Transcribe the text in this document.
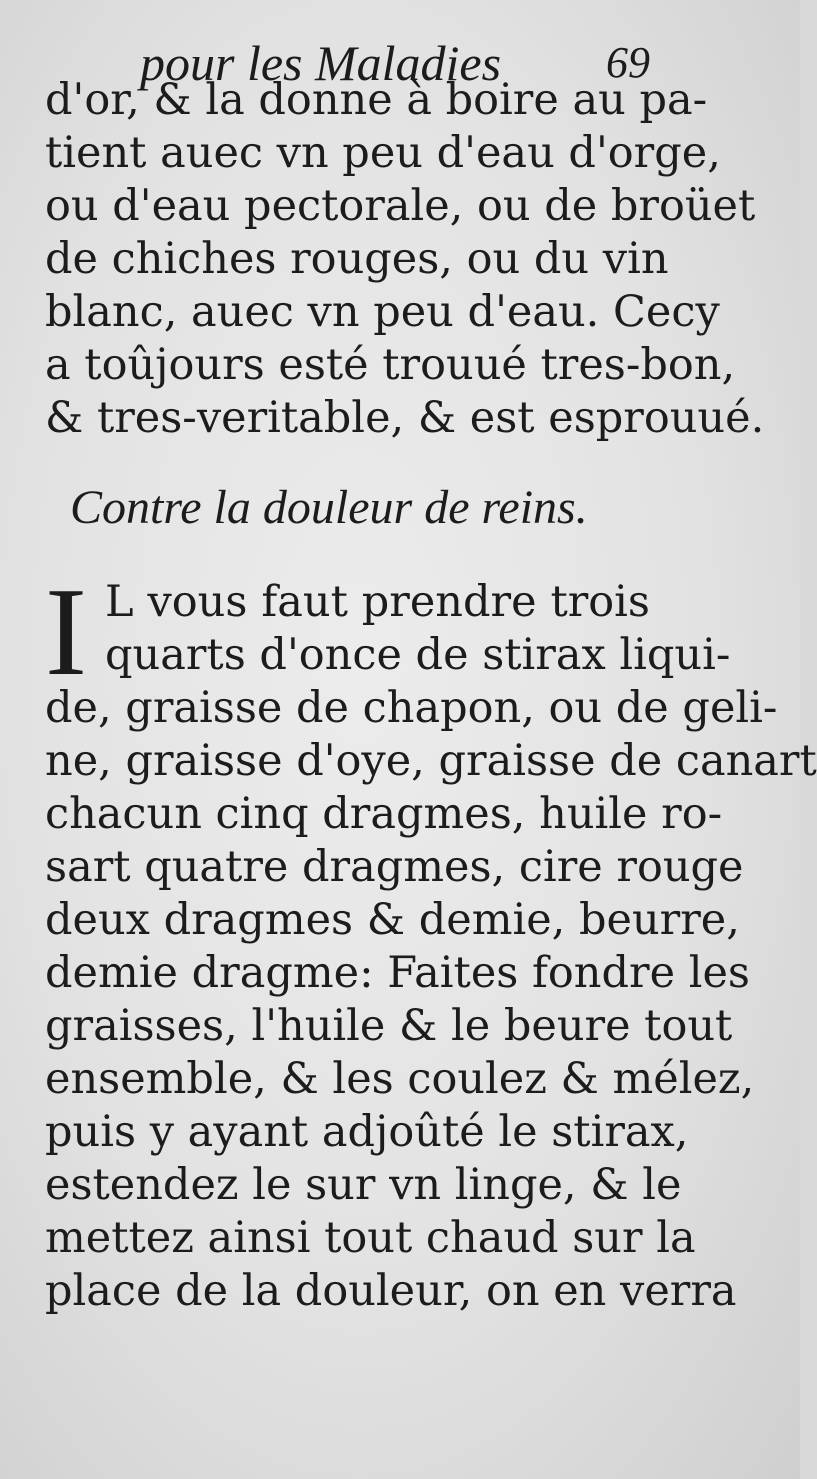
pour les Maladies 69
d'or, & la donne à boire au pa-
tient auec vn peu d'eau d'orge,
ou d'eau pectorale, ou de broüet
de chiches rouges, ou du vin
blanc, auec vn peu d'eau. Cecy
a toûjours esté trouué tres-bon,
& tres-veritable, & est esprouué.
Contre la douleur de reins.
I L vous faut prendre trois
quarts d'once de stirax liqui-
de, graisse de chapon, ou de geli-
ne, graisse d'oye, graisse de canart
chacun cinq dragmes, huile ro-
sart quatre dragmes, cire rouge
deux dragmes & demie, beurre,
demie dragme: Faites fondre les
graisses, l'huile & le beure tout
ensemble, & les coulez & mélez,
puis y ayant adjoûté le stirax,
estendez le sur vn linge, & le
mettez ainsi tout chaud sur la
place de la douleur, on en verra
